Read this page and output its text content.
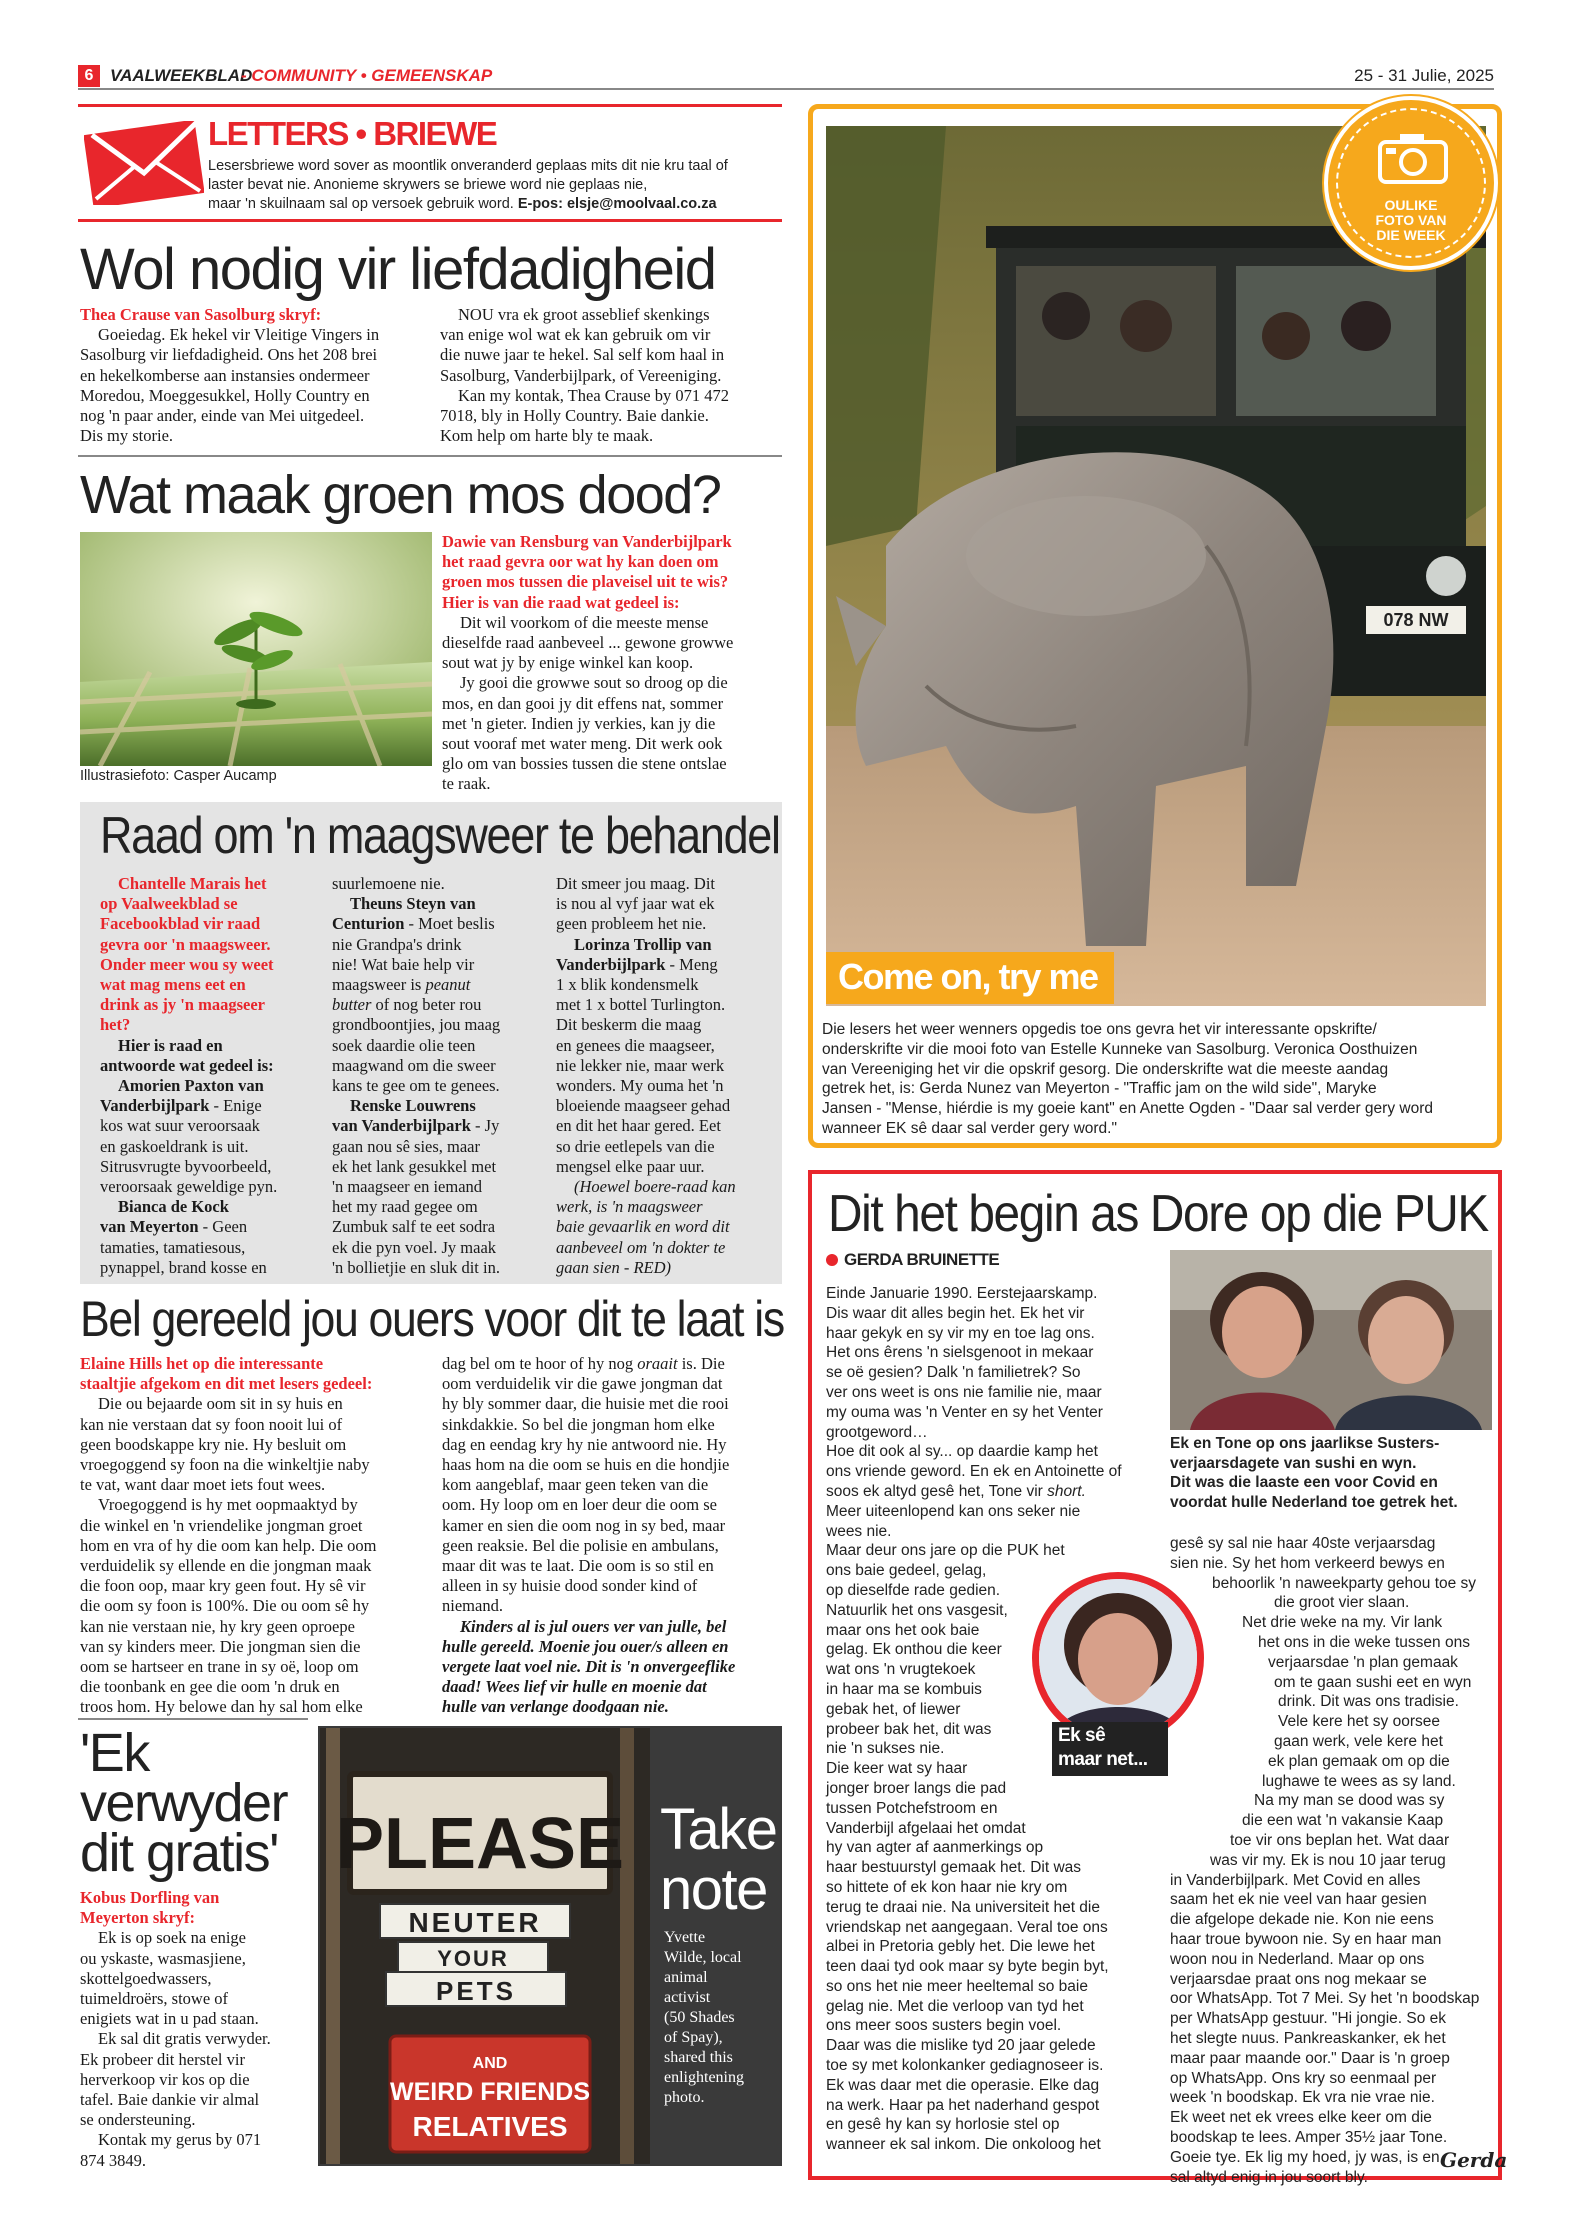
6 VAALWEEKBLAD
- COMMUNITY • GEMEENSKAP	25 - 31 Julie, 2025
LETTERS • BRIEWE
Lesersbriewe word sover as moontlik onveranderd geplaas mits dit nie kru taal of
laster bevat nie. Anonieme skrywers se briewe word nie geplaas nie,
maar 'n skuilnaam sal op versoek gebruik word. E-pos: elsje@moolvaal.co.za
Wol nodig vir liefdadigheid
Thea Crause van Sasolburg skryf:
Goeiedag. Ek hekel vir Vleitige Vingers in
Sasolburg vir liefdadigheid. Ons het 208 brei
en hekelkomberse aan instansies ondermeer
Moredou, Moeggesukkel, Holly Country en
nog 'n paar ander, einde van Mei uitgedeel.
Dis my storie.
NOU vra ek groot asseblief skenkings
van enige wol wat ek kan gebruik om vir
die nuwe jaar te hekel. Sal self kom haal in
Sasolburg, Vanderbijlpark, of Vereeniging.
Kan my kontak, Thea Crause by 071 472
7018, bly in Holly Country. Baie dankie.
Kom help om harte bly te maak.
Wat maak groen mos dood?
Illustrasiefoto: Casper Aucamp
Dawie van Rensburg van Vanderbijlpark
het raad gevra oor wat hy kan doen om
groen mos tussen die plaveisel uit te wis?
Hier is van die raad wat gedeel is:
Dit wil voorkom of die meeste mense
dieselfde raad aanbeveel ... gewone growwe
sout wat jy by enige winkel kan koop.
Jy gooi die growwe sout so droog op die
mos, en dan gooi jy dit effens nat, sommer
met 'n gieter. Indien jy verkies, kan jy die
sout vooraf met water meng. Dit werk ook
glo om van bossies tussen die stene ontslae
te raak.
Raad om 'n maagsweer te behandel
Chantelle Marais het
op Vaalweekblad se
Facebookblad vir raad
gevra oor 'n maagsweer.
Onder meer wou sy weet
wat mag mens eet en
drink as jy 'n maagseer
het?
Hier is raad en
antwoorde wat gedeel is:
Amorien Paxton van
Vanderbijlpark - Enige
kos wat suur veroorsaak
en gaskoeldrank is uit.
Sitrusvrugte byvoorbeeld,
veroorsaak geweldige pyn.
Bianca de Kock
van Meyerton - Geen
tamaties, tamatiesous,
pynappel, brand kosse en
suurlemoene nie.
Theuns Steyn van
Centurion - Moet beslis
nie Grandpa's drink
nie! Wat baie help vir
maagsweer is peanut
butter of nog beter rou
grondboontjies, jou maag
soek daardie olie teen
maagwand om die sweer
kans te gee om te genees.
Renske Louwrens
van Vanderbijlpark - Jy
gaan nou sê sies, maar
ek het lank gesukkel met
'n maagseer en iemand
het my raad gegee om
Zumbuk salf te eet sodra
ek die pyn voel. Jy maak
'n bollietjie en sluk dit in.
Dit smeer jou maag. Dit
is nou al vyf jaar wat ek
geen probleem het nie.
Lorinza Trollip van
Vanderbijlpark - Meng
1 x blik kondensmelk
met 1 x bottel Turlington.
Dit beskerm die maag
en genees die maagseer,
nie lekker nie, maar werk
wonders. My ouma het 'n
bloeiende maagseer gehad
en dit het haar gered. Eet
so drie eetlepels van die
mengsel elke paar uur.
(Hoewel boere-raad kan
werk, is 'n maagsweer
baie gevaarlik en word dit
aanbeveel om 'n dokter te
gaan sien - RED)
Bel gereeld jou ouers voor dit te laat is
Elaine Hills het op die interessante
staaltjie afgekom en dit met lesers gedeel:
Die ou bejaarde oom sit in sy huis en
kan nie verstaan dat sy foon nooit lui of
geen boodskappe kry nie. Hy besluit om
vroegoggend sy foon na die winkeltjie naby
te vat, want daar moet iets fout wees.
Vroegoggend is hy met oopmaaktyd by
die winkel en 'n vriendelike jongman groet
hom en vra of hy die oom kan help. Die oom
verduidelik sy ellende en die jongman maak
die foon oop, maar kry geen fout. Hy sê vir
die oom sy foon is 100%. Die ou oom sê hy
kan nie verstaan nie, hy kry geen oproepe
van sy kinders meer. Die jongman sien die
oom se hartseer en trane in sy oë, loop om
die toonbank en gee die oom 'n druk en
troos hom. Hy belowe dan hy sal hom elke
dag bel om te hoor of hy nog oraait is. Die
oom verduidelik vir die gawe jongman dat
hy bly sommer daar, die huisie met die rooi
sinkdakkie. So bel die jongman hom elke
dag en eendag kry hy nie antwoord nie. Hy
haas hom na die oom se huis en die hondjie
kom aangeblaf, maar geen teken van die
oom. Hy loop om en loer deur die oom se
kamer en sien die oom nog in sy bed, maar
geen reaksie. Bel die polisie en ambulans,
maar dit was te laat. Die oom is so stil en
alleen in sy huisie dood sonder kind of
niemand.
Kinders al is jul ouers ver van julle, bel
hulle gereeld. Moenie jou ouer/s alleen en
vergete laat voel nie. Dit is 'n onvergeeflike
daad! Wees lief vir hulle en moenie dat
hulle van verlange doodgaan nie.
'Ek
verwyder
dit gratis'
Kobus Dorfling van
Meyerton skryf:
Ek is op soek na enige
ou yskaste, wasmasjiene,
skottelgoedwassers,
tuimeldroërs, stowe of
enigiets wat in u pad staan.
Ek sal dit gratis verwyder.
Ek probeer dit herstel vir
herverkoop vir kos op die
tafel. Baie dankie vir almal
se ondersteuning.
Kontak my gerus by 071
874 3849.
PLEASE
NEUTER
YOUR
PETS
AND
WEIRD FRIENDS
RELATIVES
Take
note
Yvette
Wilde, local
animal
activist
(50 Shades
of Spay),
shared this
enlightening
photo.
078 NW
OULIKE
FOTO VAN
DIE WEEK
Come on, try me
Die lesers het weer wenners opgedis toe ons gevra het vir interessante opskrifte/
onderskrifte vir die mooi foto van Estelle Kunneke van Sasolburg. Veronica Oosthuizen
van Vereeniging het vir die opskrif gesorg. Die onderskrifte wat die meeste aandag
getrek het, is: Gerda Nunez van Meyerton - "Traffic jam on the wild side", Maryke
Jansen - "Mense, hiérdie is my goeie kant" en Anette Ogden - "Daar sal verder gery word
wanneer EK sê daar sal verder gery word."
Dit het begin as Dore op die PUK
GERDA BRUINETTE
Ek en Tone op ons jaarlikse Susters-
verjaarsdagete van sushi en wyn.
Dit was die laaste een voor Covid en
voordat hulle Nederland toe getrek het.
Einde Januarie 1990. Eerstejaarskamp.
Dis waar dit alles begin het. Ek het vir
haar gekyk en sy vir my en toe lag ons.
Het ons êrens 'n sielsgenoot in mekaar
se oë gesien? Dalk 'n familietrek? So
ver ons weet is ons nie familie nie, maar
my ouma was 'n Venter en sy het Venter
grootgeword…
Hoe dit ook al sy... op daardie kamp het
ons vriende geword. En ek en Antoinette of
soos ek altyd gesê het, Tone vir short.
Meer uiteenlopend kan ons seker nie
wees nie.
Maar deur ons jare op die PUK het
ons baie gedeel, gelag,
op dieselfde rade gedien.
Natuurlik het ons vasgesit,
maar ons het ook baie
gelag. Ek onthou die keer
wat ons 'n vrugtekoek
in haar ma se kombuis
gebak het, of liewer
probeer bak het, dit was
nie 'n sukses nie.
Die keer wat sy haar
jonger broer langs die pad
tussen Potchefstroom en
Vanderbijl afgelaai het omdat
hy van agter af aanmerkings op
haar bestuurstyl gemaak het. Dit was
so hittete of ek kon haar nie kry om
terug te draai nie. Na universiteit het die
vriendskap net aangegaan. Veral toe ons
albei in Pretoria gebly het. Die lewe het
teen daai tyd ook maar sy byte begin byt,
so ons het nie meer heeltemal so baie
gelag nie. Met die verloop van tyd het
ons meer soos susters begin voel.
Daar was die mislike tyd 20 jaar gelede
toe sy met kolonkanker gediagnoseer is.
Ek was daar met die operasie. Elke dag
na werk. Haar pa het naderhand gespot
en gesê hy kan sy horlosie stel op
wanneer ek sal inkom. Die onkoloog het
Ek sê
maar net...
gesê sy sal nie haar 40ste verjaarsdag
sien nie. Sy het hom verkeerd bewys en
behoorlik 'n naweekparty gehou toe sy
die groot vier slaan.
Net drie weke na my. Vir lank
het ons in die weke tussen ons
verjaarsdae 'n plan gemaak
om te gaan sushi eet en wyn
drink. Dit was ons tradisie.
Vele kere het sy oorsee
gaan werk, vele kere het
ek plan gemaak om op die
lughawe te wees as sy land.
Na my man se dood was sy
die een wat 'n vakansie Kaap
toe vir ons beplan het. Wat daar
was vir my. Ek is nou 10 jaar terug
in Vanderbijlpark. Met Covid en alles
saam het ek nie veel van haar gesien
die afgelope dekade nie. Kon nie eens
haar troue bywoon nie. Sy en haar man
woon nou in Nederland. Maar op ons
verjaarsdae praat ons nog mekaar se
oor WhatsApp. Tot 7 Mei. Sy het 'n boodskap
per WhatsApp gestuur. "Hi jongie. So ek
het slegte nuus. Pankreaskanker, ek het
maar paar maande oor." Daar is 'n groep
op WhatsApp. Ons kry so eenmaal per
week 'n boodskap. Ek vra nie vrae nie.
Ek weet net ek vrees elke keer om die
boodskap te lees. Amper 35½ jaar Tone.
Goeie tye. Ek lig my hoed, jy was, is en
sal altyd enig in jou soort bly.
Gerda
